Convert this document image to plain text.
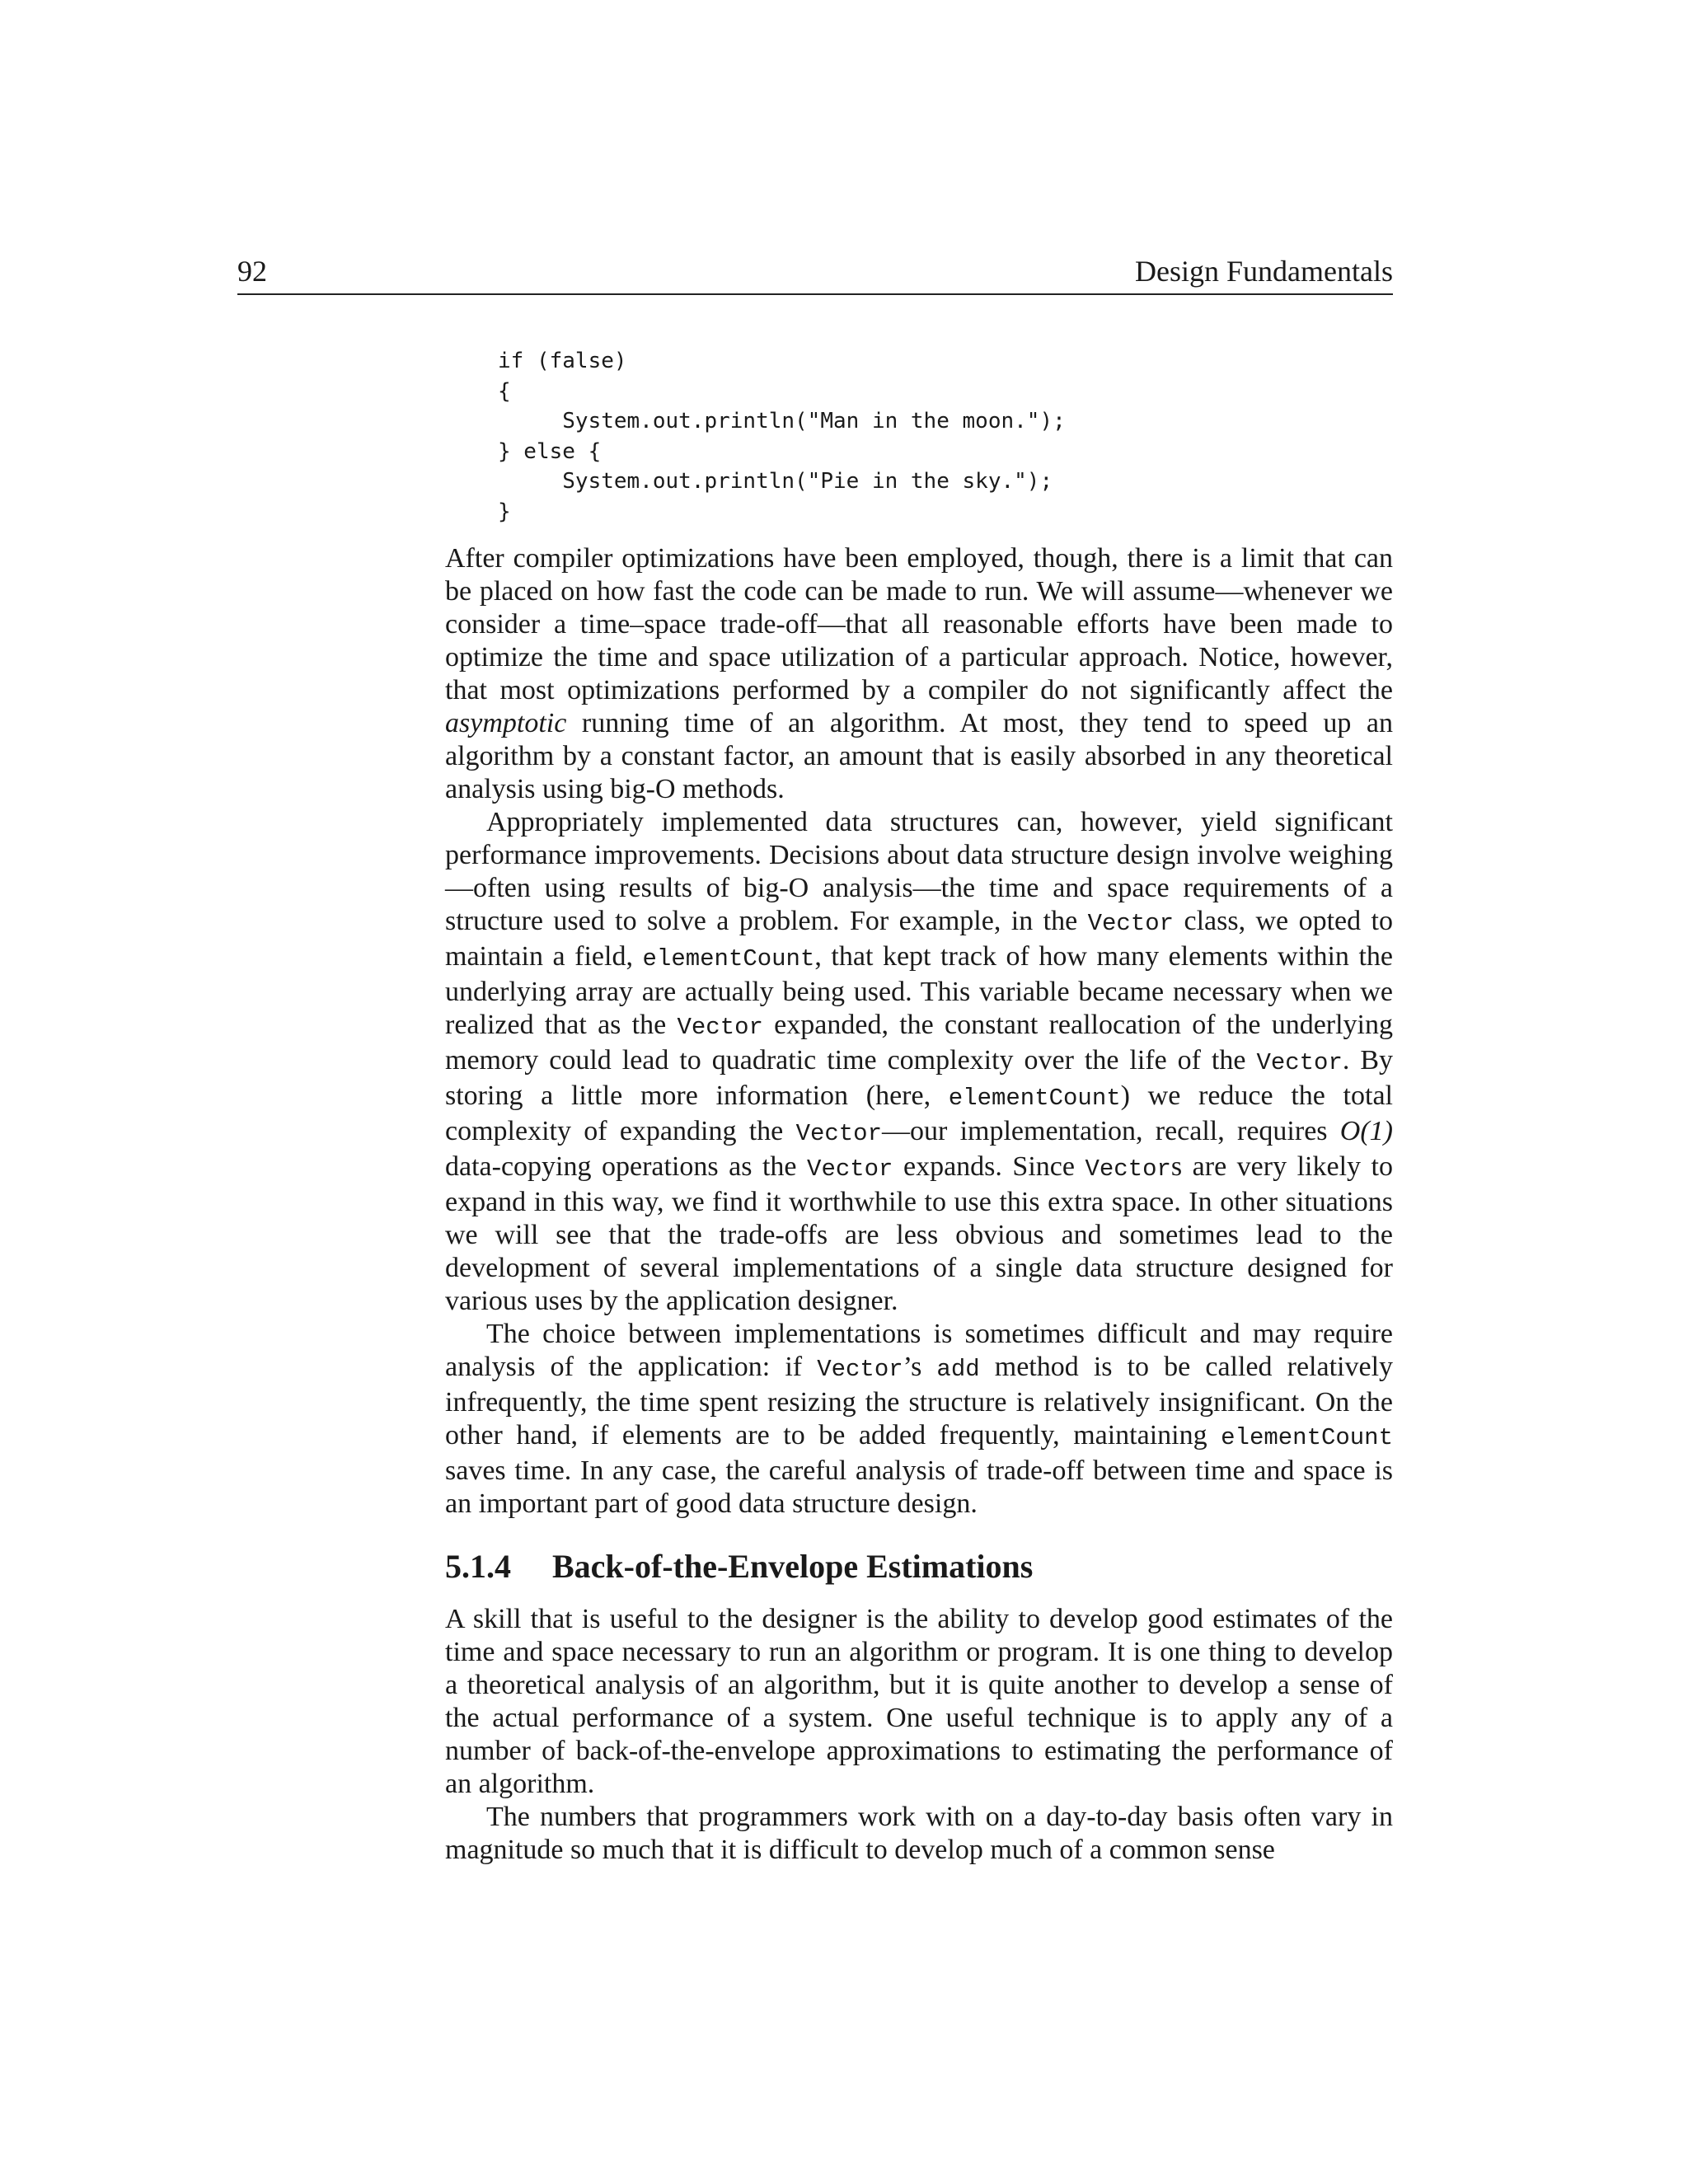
92	Design Fundamentals
if (false)
{
System.out.println("Man in the moon.");
} else {
System.out.println("Pie in the sky.");
}

After compiler optimizations have been employed, though, there is a limit that can be placed on how fast the code can be made to run. We will assume—whenever we consider a time–space trade-off—that all reasonable efforts have been made to optimize the time and space utilization of a particular approach. Notice, however, that most optimizations performed by a compiler do not significantly affect the asymptotic running time of an algorithm. At most, they tend to speed up an algorithm by a constant factor, an amount that is easily absorbed in any theoretical analysis using big-O methods.

Appropriately implemented data structures can, however, yield significant performance improvements. Decisions about data structure design involve weighing—often using results of big-O analysis—the time and space requirements of a structure used to solve a problem. For example, in the Vector class, we opted to maintain a field, elementCount, that kept track of how many elements within the underlying array are actually being used. This variable became necessary when we realized that as the Vector expanded, the constant reallocation of the underlying memory could lead to quadratic time complexity over the life of the Vector. By storing a little more information (here, elementCount) we reduce the total complexity of expanding the Vector—our implementation, recall, requires O(1) data-copying operations as the Vector expands. Since Vectors are very likely to expand in this way, we find it worthwhile to use this extra space. In other situations we will see that the trade-offs are less obvious and sometimes lead to the development of several implementations of a single data structure designed for various uses by the application designer.

The choice between implementations is sometimes difficult and may require analysis of the application: if Vector’s add method is to be called relatively infrequently, the time spent resizing the structure is relatively insignificant. On the other hand, if elements are to be added frequently, maintaining elementCount saves time. In any case, the careful analysis of trade-off between time and space is an important part of good data structure design.

5.1.4 Back-of-the-Envelope Estimations

A skill that is useful to the designer is the ability to develop good estimates of the time and space necessary to run an algorithm or program. It is one thing to develop a theoretical analysis of an algorithm, but it is quite another to develop a sense of the actual performance of a system. One useful technique is to apply any of a number of back-of-the-envelope approximations to estimating the performance of an algorithm.

The numbers that programmers work with on a day-to-day basis often vary in magnitude so much that it is difficult to develop much of a common sense
